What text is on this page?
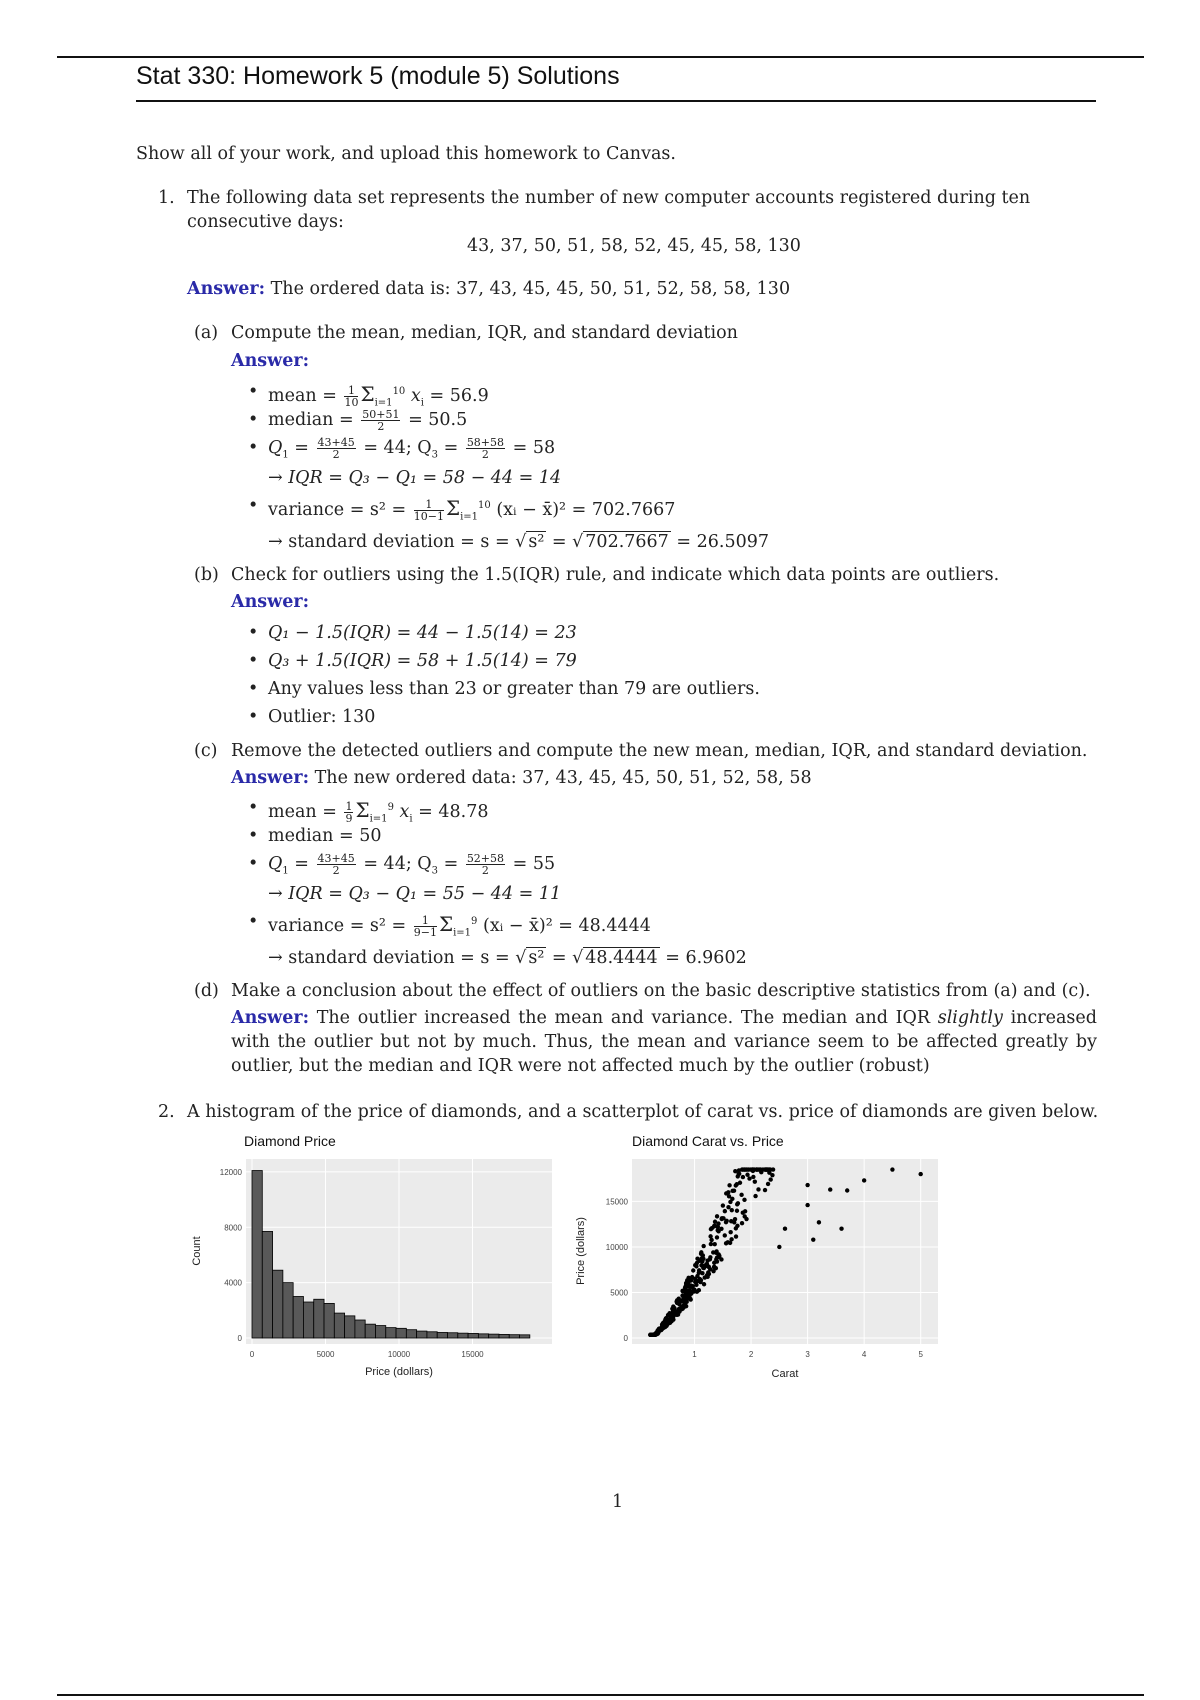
Stat 330: Homework 5 (module 5) Solutions
Show all of your work, and upload this homework to Canvas.
1. The following data set represents the number of new computer accounts registered during ten consecutive days:
43, 37, 50, 51, 58, 52, 45, 45, 58, 130
Answer: The ordered data is: 37, 43, 45, 45, 50, 51, 52, 58, 58, 130
(a) Compute the mean, median, IQR, and standard deviation
Answer:
• mean = $\frac{1}{10} \Sigma_{i=1}^{10}$ $x_i = 56.9$
• median = $\frac{50+51}{2} = 50.5$
• $Q_1 = \frac{43+45}{2} = 44$; $Q_3 = \frac{58+58}{2} = 58$
→ IQR = Q₃ − Q₁ = 58 − 44 = 14
• variance = $s^2 = \frac{1}{10-1} \Sigma_{i=1}^{10}$ (xᵢ − x̄)² = 702.7667
→ standard deviation = s = √ s² = √ 702.7667 = 26.5097
(b) Check for outliers using the 1.5(IQR) rule, and indicate which data points are outliers.
Answer:
• Q₁ − 1.5(IQR) = 44 − 1.5(14) = 23
• Q₃ + 1.5(IQR) = 58 + 1.5(14) = 79
• Any values less than 23 or greater than 79 are outliers.
• Outlier: 130
(c) Remove the detected outliers and compute the new mean, median, IQR, and standard deviation.
Answer: The new ordered data: 37, 43, 45, 45, 50, 51, 52, 58, 58
• mean = $\frac{1}{9} \Sigma_{i=1}^9$ $x_i = 48.78$
• median = 50
• $Q_1 = \frac{43+45}{2} = 44$; $Q_3 = \frac{52+58}{2} = 55$
→ IQR = Q₃ − Q₁ = 55 − 44 = 11
• variance = $s^2 = \frac{1}{9-1} \Sigma_{i=1}^9$ (xᵢ − x̄)² = 48.4444
→ standard deviation = s = √ s² = √ 48.4444 = 6.9602
(d) Make a conclusion about the effect of outliers on the basic descriptive statistics from (a) and (c).
Answer: The outlier increased the mean and variance. The median and IQR slightly increased with the outlier but not by much. Thus, the mean and variance seem to be affected greatly by outlier, but the median and IQR were not affected much by the outlier (robust)
2. A histogram of the price of diamonds, and a scatterplot of carat vs. price of diamonds are given below.
Diamond Price
0	5000	10000	15000
0
4000
8000
12000
Price (dollars)
Count
Diamond Carat vs. Price
1	2	3	4	5
0
5000
10000
15000
Carat
Price (dollars)
1
